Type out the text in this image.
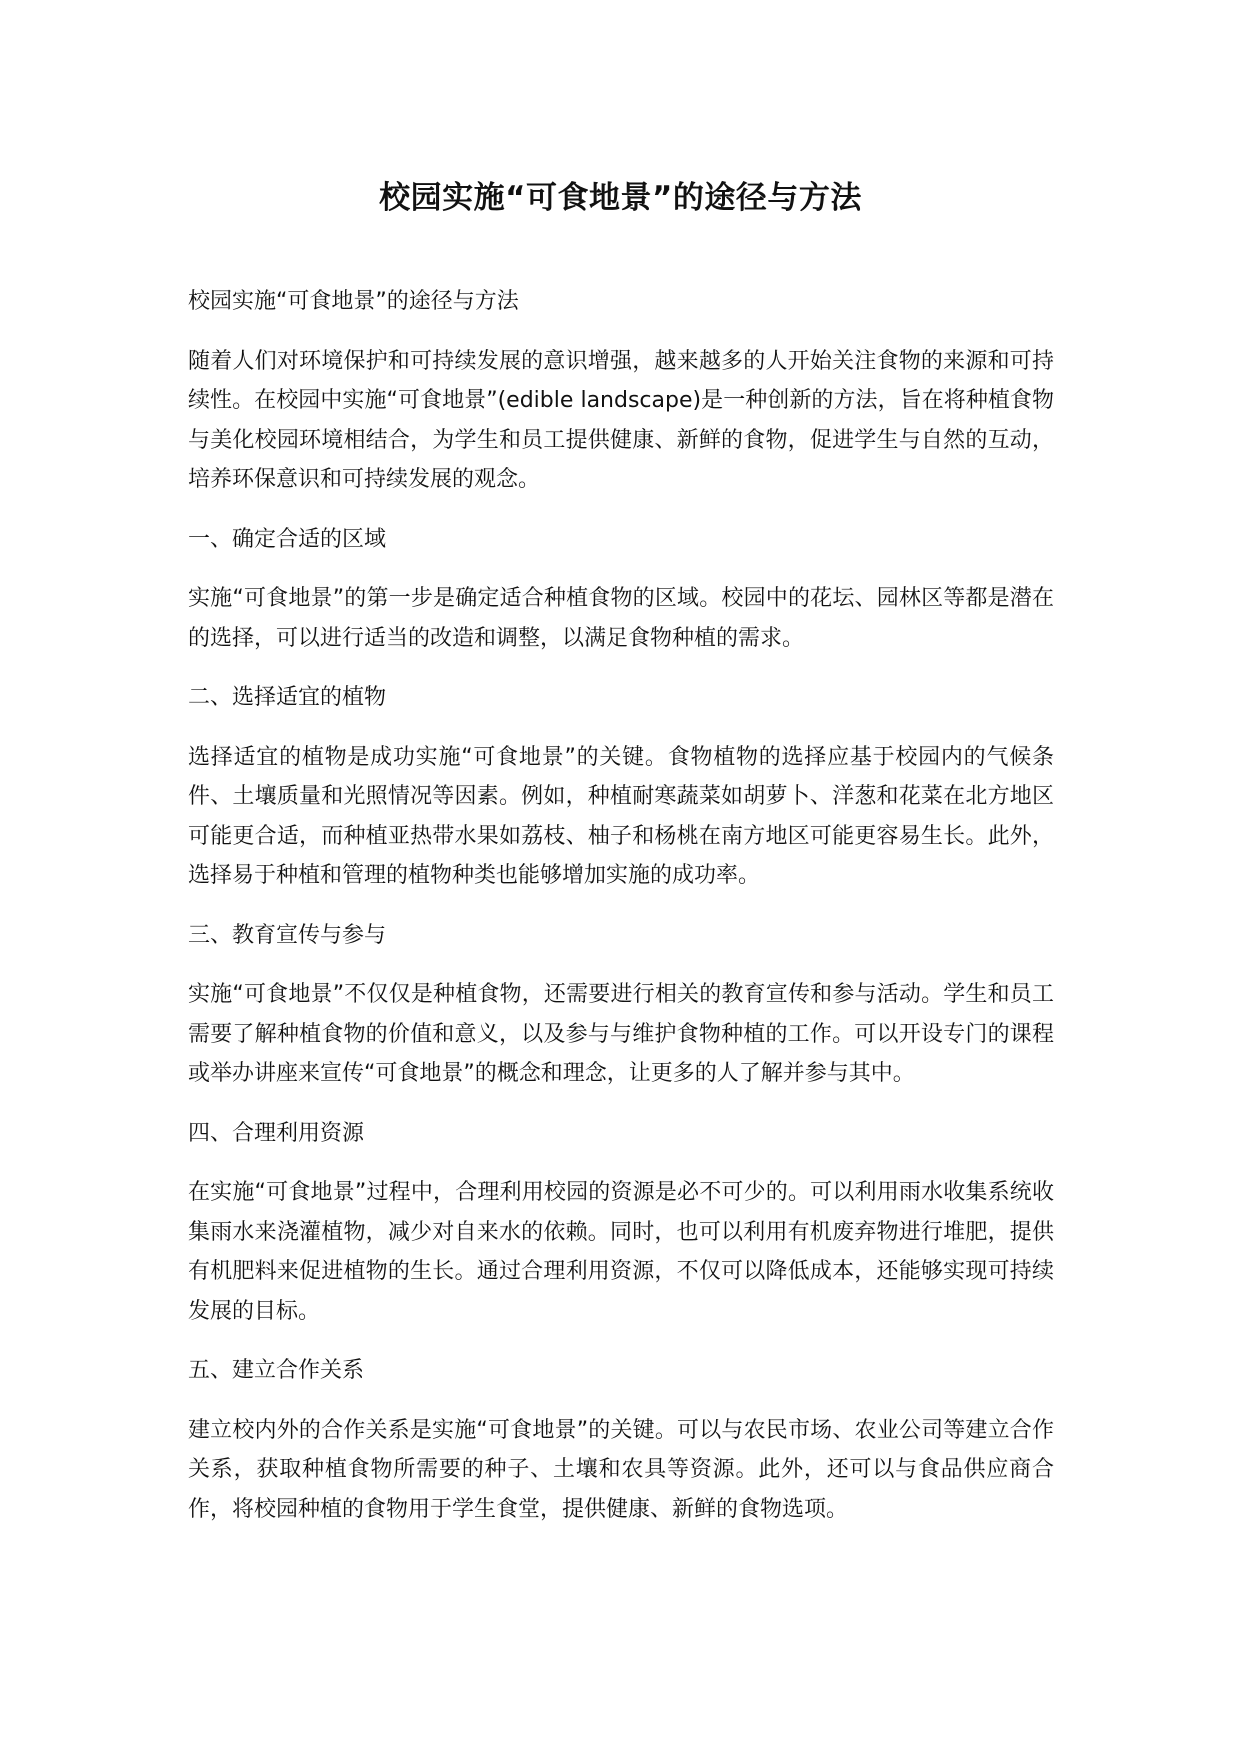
校园实施“可食地景”的途径与方法

校园实施“可食地景”的途径与方法

随着人们对环境保护和可持续发展的意识增强，越来越多的人开始关注食物的来源和可持续性。在校园中实施“可食地景”(edible landscape)是一种创新的方法，旨在将种植食物与美化校园环境相结合，为学生和员工提供健康、新鲜的食物，促进学生与自然的互动，培养环保意识和可持续发展的观念。

一、确定合适的区域

实施“可食地景”的第一步是确定适合种植食物的区域。校园中的花坛、园林区等都是潜在的选择，可以进行适当的改造和调整，以满足食物种植的需求。

二、选择适宜的植物

选择适宜的植物是成功实施“可食地景”的关键。食物植物的选择应基于校园内的气候条件、土壤质量和光照情况等因素。例如，种植耐寒蔬菜如胡萝卜、洋葱和花菜在北方地区可能更合适，而种植亚热带水果如荔枝、柚子和杨桃在南方地区可能更容易生长。此外，选择易于种植和管理的植物种类也能够增加实施的成功率。

三、教育宣传与参与

实施“可食地景”不仅仅是种植食物，还需要进行相关的教育宣传和参与活动。学生和员工需要了解种植食物的价值和意义，以及参与与维护食物种植的工作。可以开设专门的课程或举办讲座来宣传“可食地景”的概念和理念，让更多的人了解并参与其中。

四、合理利用资源

在实施“可食地景”过程中，合理利用校园的资源是必不可少的。可以利用雨水收集系统收集雨水来浇灌植物，减少对自来水的依赖。同时，也可以利用有机废弃物进行堆肥，提供有机肥料来促进植物的生长。通过合理利用资源，不仅可以降低成本，还能够实现可持续发展的目标。

五、建立合作关系

建立校内外的合作关系是实施“可食地景”的关键。可以与农民市场、农业公司等建立合作关系，获取种植食物所需要的种子、土壤和农具等资源。此外，还可以与食品供应商合作，将校园种植的食物用于学生食堂，提供健康、新鲜的食物选项。
